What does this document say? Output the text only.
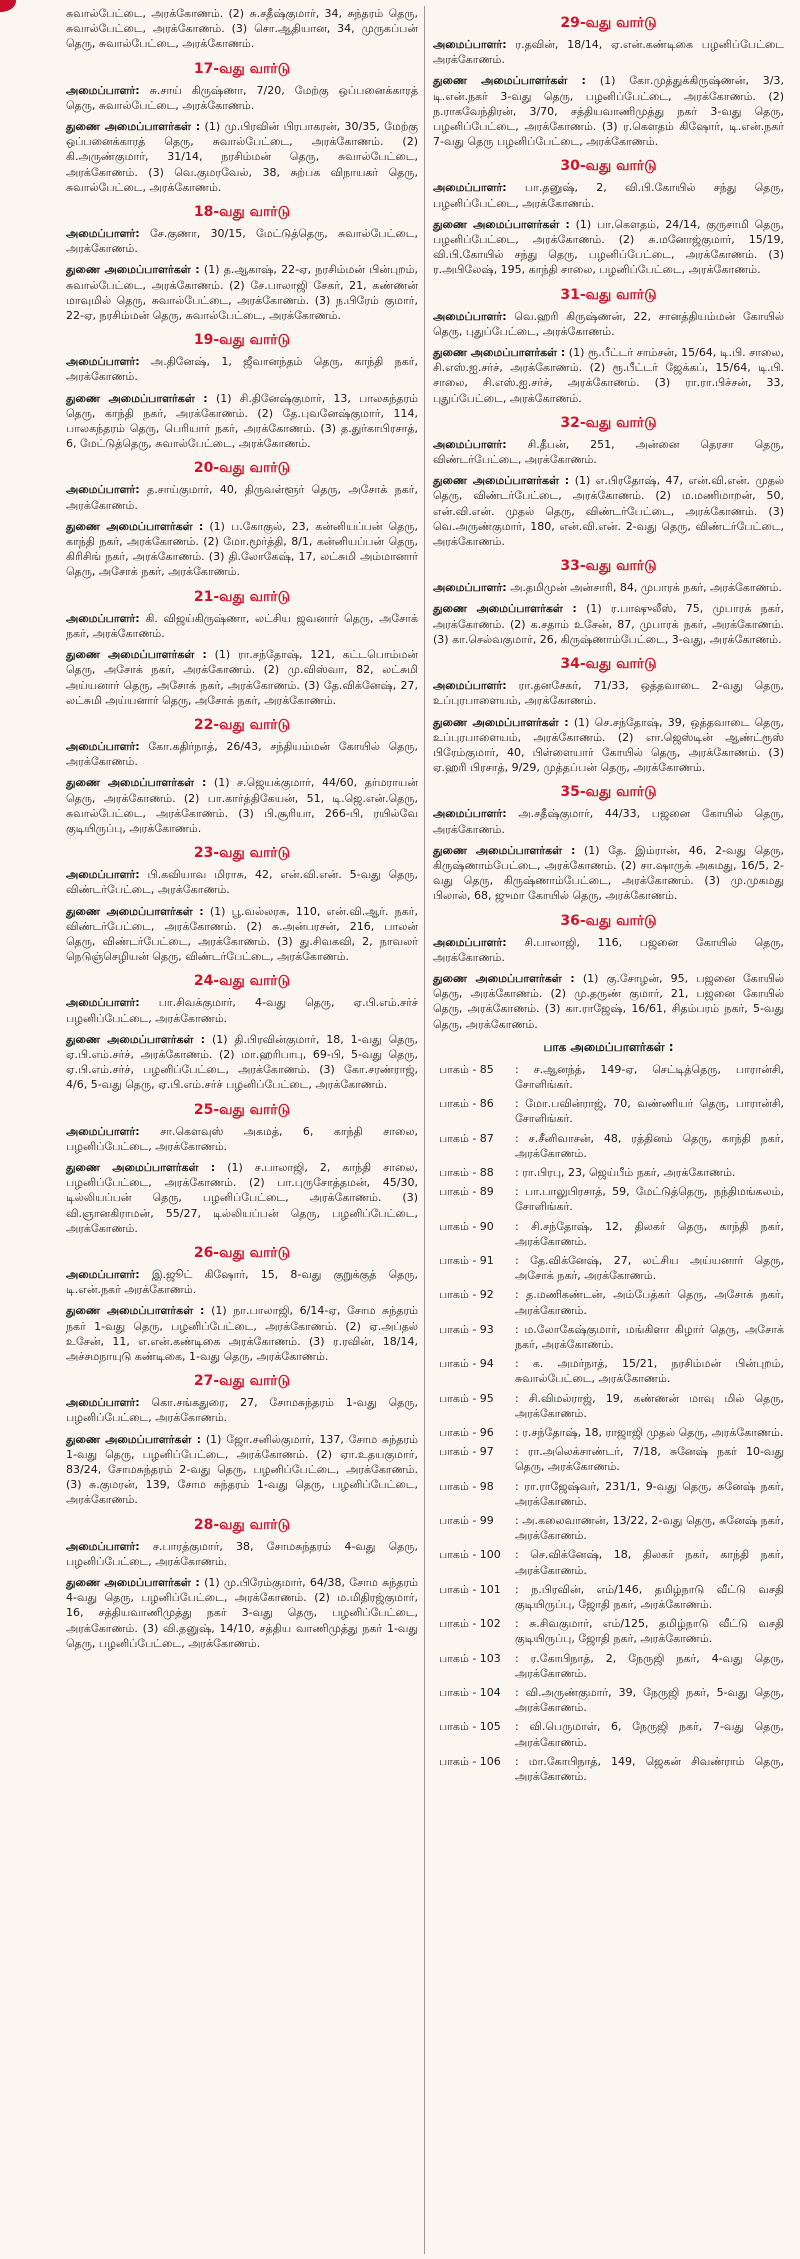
சுவால்பேட்டை, அரக்கோணம். (2) சு.சதீஷ்குமார், 34, சுந்தரம் தெரு, சுவால்பேட்டை, அரக்கோணம். (3) சொ.ஆதியான, 34, முருகப்பன் தெரு, சுவால்பேட்டை, அரக்கோணம்.

17-வது வார்டு

அமைப்பாளர்: சு.சாய் கிருஷ்ணா, 7/20, மேற்கு ஒப்பனைக்காரத் தெரு, சுவால்பேட்டை, அரக்கோணம்.

துணை அமைப்பாளர்கள் : (1) மு.பிரவின் பிரபாகரன், 30/35, மேற்கு ஒப்பனைக்காரத் தெரு, சுவால்பேட்டை, அரக்கோணம். (2) கி.அருண்குமார், 31/14, நரசிம்மன் தெரு, சுவால்பேட்டை, அரக்கோணம். (3) வெ.குமரவேல், 38, சுற்பக விநாயகர் தெரு, சுவால்பேட்டை, அரக்கோணம்.

18-வது வார்டு

அமைப்பாளர்: சே.குணா, 30/15, மேட்டுத்தெரு, சுவால்பேட்டை, அரக்கோணம்.

துணை அமைப்பாளர்கள் : (1) த.ஆகாஷ், 22-ஏ, நரசிம்மன் பின்புறம், சுவால்பேட்டை, அரக்கோணம். (2) சே.பாலாஜி சேகர், 21, கண்ணன் மாவுமில் தெரு, சுவால்பேட்டை, அரக்கோணம். (3) ந.பிரேம் குமார், 22-ஏ, நரசிம்மன் தெரு, சுவால்பேட்டை, அரக்கோணம்.

19-வது வார்டு

அமைப்பாளர்: அ.தினேஷ், 1, ஜீவானந்தம் தெரு, காந்தி நகர், அரக்கோணம்.

துணை அமைப்பாளர்கள் : (1) சி.தினேஷ்குமார், 13, பாலகந்தரம் தெரு, காந்தி நகர், அரக்கோணம். (2) தே.புவனேஷ்குமார், 114, பாலகந்தரம் தெரு, பெரியார் நகர், அரக்கோணம். (3) த.துர்காபிரசாத், 6, மேட்டுத்தெரு, சுவால்பேட்டை, அரக்கோணம்.

20-வது வார்டு

அமைப்பாளர்: த.சாய்குமார், 40, திருவள்ளூர் தெரு, அசோக் நகர், அரக்கோணம்.

துணை அமைப்பாளர்கள் : (1) ப.கோகுல், 23, கன்னியப்பன் தெரு, காந்தி நகர், அரக்கோணம். (2) மோ.மூர்த்தி, 8/1, கன்னியப்பன் தெரு, கிரிசிங் நகர், அரக்கோணம். (3) தி.லோகேஷ், 17, லட்சுமி அம்மானார் தெரு, அசோக் நகர், அரக்கோணம்.

21-வது வார்டு

அமைப்பாளர்: கி. விஜய்கிருஷ்ணா, லட்சிய ஜவனார் தெரு, அசோக் நகர், அரக்கோணம்.

துணை அமைப்பாளர்கள் : (1) ரா.சந்தோஷ், 121, கட்டபொம்மன் தெரு, அசோக் நகர், அரக்கோணம். (2) மு.விஸ்வா, 82, லட்சுமி அய்யனார் தெரு, அசோக் நகர், அரக்கோணம். (3) தே.விக்னேஷ், 27, லட்சுமி அய்யனார் தெரு, அசோக் நகர், அரக்கோணம்.

22-வது வார்டு

அமைப்பாளர்: கோ.கதிர்நாத், 26/43, சந்தியம்மன் கோயில் தெரு, அரக்கோணம்.

துணை அமைப்பாளர்கள் : (1) ச.ஜெயக்குமார், 44/60, தர்மராயன் தெரு, அரக்கோணம். (2) பா.கார்த்திகேயன், 51, டி.ஜெ.என்.தெரு, சுவால்பேட்டை, அரக்கோணம். (3) பி.சூரியா, 266-பி, ரயில்வே குடியிருப்பு, அரக்கோணம்.

23-வது வார்டு

அமைப்பாளர்: பி.கவியாவ மிராசு, 42, என்.வி.என். 5-வது தெரு, விண்டர்பேட்டை, அரக்கோணம்.

துணை அமைப்பாளர்கள் : (1) பூ.வல்லரசு, 110, என்.வி.ஆர். நகர், விண்டர்பேட்டை, அரக்கோணம். (2) சு.அன்பரசன், 216, பாலன் தெரு, விண்டர்பேட்டை, அரக்கோணம். (3) து.சிவகவி, 2, நாவலர் நெடுஞ்செழியன் தெரு, விண்டர்பேட்டை, அரக்கோணம்.

24-வது வார்டு

அமைப்பாளர்: பா.சிவக்குமார், 4-வது தெரு, ஏ.பி.எம்.சர்ச் பழனிப்பேட்டை, அரக்கோணம்.

துணை அமைப்பாளர்கள் : (1) தி.பிரவின்குமார், 18, 1-வது தெரு, ஏ.பி.எம்.சர்ச், அரக்கோணம். (2) மா.ஹரிபாபு, 69-பி, 5-வது தெரு, ஏ.பி.எம்.சர்ச், பழனிப்பேட்டை, அரக்கோணம். (3) கோ.சரண்ராஜ், 4/6, 5-வது தெரு, ஏ.பி.எம்.சர்ச் பழனிப்பேட்டை, அரக்கோணம்.

25-வது வார்டு

அமைப்பாளர்: சா.கௌவுஸ் அகமத், 6, காந்தி சாலை, பழனிப்பேட்டை, அரக்கோணம்.

துணை அமைப்பாளர்கள் : (1) ச.பாலாஜி, 2, காந்தி சாலை, பழனிப்பேட்டை, அரக்கோணம். (2) பா.புருசோத்தமன், 45/30, டில்லியப்பன் தெரு, பழனிப்பேட்டை, அரக்கோணம். (3) வி.ஞானகிராமன், 55/27, டில்லியப்பன் தெரு, பழனிப்பேட்டை, அரக்கோணம்.

26-வது வார்டு

அமைப்பாளர்: இ.ஜூட் கிஷோர், 15, 8-வது குறுக்குத் தெரு, டி.என்.நகர் அரக்கோணம்.

துணை அமைப்பாளர்கள் : (1) நா.பாலாஜி, 6/14-ஏ, சோம சுந்தரம் நகர் 1-வது தெரு, பழனிப்பேட்டை, அரக்கோணம். (2) ஏ.அப்தல் உசேன், 11, எ.என்.கண்டிகை அரக்கோணம். (3) ர.ரவின், 18/14, அச்சமநாயுடு கண்டிகை, 1-வது தெரு, அரக்கோணம்.

27-வது வார்டு

அமைப்பாளர்: கொ.சங்கதுரை, 27, சோமசுந்தரம் 1-வது தெரு, பழனிப்பேட்டை, அரக்கோணம்.

துணை அமைப்பாளர்கள் : (1) ஜோ.சனில்குமார், 137, சோம சுந்தரம் 1-வது தெரு, பழனிப்பேட்டை, அரக்கோணம். (2) ஏா.உதயகுமார், 83/24, சோமசுந்தரம் 2-வது தெரு, பழனிப்பேட்டை, அரக்கோணம். (3) சு.குமரன், 139, சோம சுந்தரம் 1-வது தெரு, பழனிப்பேட்டை, அரக்கோணம்.

28-வது வார்டு

அமைப்பாளர்: ச.பாரத்குமார், 38, சோமசுந்தரம் 4-வது தெரு, பழனிப்பேட்டை, அரக்கோணம்.

துணை அமைப்பாளர்கள் : (1) மு.பிரேம்குமார், 64/38, சோம சுந்தரம் 4-வது தெரு, பழனிப்பேட்டை, அரக்கோணம். (2) ம.மிதிரஜ்குமார், 16, சத்தியவாணிமுத்து நகர் 3-வது தெரு, பழனிப்பேட்டை, அரக்கோணம். (3) வி.தனுஷ், 14/10, சத்திய வாணிமுத்து நகர் 1-வது தெரு, பழனிப்பேட்டை, அரக்கோணம்.

29-வது வார்டு

அமைப்பாளர்: ர.தவின், 18/14, ஏ.என்.கண்டிகை பழனிப்பேட்டை அரக்கோணம்.

துணை அமைப்பாளர்கள் : (1) கோ.முத்துக்கிருஷ்ணன், 3/3, டி.என்.நகர் 3-வது தெரு, பழனிப்பேட்டை, அரக்கோணம். (2) ந.ராகவேந்திரன், 3/70, சத்தியவாணிமுத்து நகர் 3-வது தெரு, பழனிப்பேட்டை, அரக்கோணம். (3) ர.கௌதம் கிஷோர், டி.என்.நகர் 7-வது தெரு பழனிப்பேட்டை, அரக்கோணம்.

30-வது வார்டு

அமைப்பாளர்: பா.தனுஷ், 2, வி.பி.கோயில் சந்து தெரு, பழனிப்பேட்டை, அரக்கோணம்.

துணை அமைப்பாளர்கள் : (1) பா.கௌதம், 24/14, குருசாமி தெரு, பழனிப்பேட்டை, அரக்கோணம். (2) சு.மனோஜ்குமார், 15/19, வி.பி.கோயில் சந்து தெரு, பழனிப்பேட்டை, அரக்கோணம். (3) ர.அபிலேஷ், 195, காந்தி சாலை, பழனிப்பேட்டை, அரக்கோணம்.

31-வது வார்டு

அமைப்பாளர்: வெ.ஹரி கிருஷ்ணன், 22, சானத்தியம்மன் கோயில் தெரு, புதுப்பேட்டை, அரக்கோணம்.

துணை அமைப்பாளர்கள் : (1) ரூ.பீட்டர் சாம்சன், 15/64, டி.பி. சாலை, சி.எஸ்.ஐ.சர்ச், அரக்கோணம். (2) ரூ.பீட்டர் ஜேக்கப், 15/64, டி.பி. சாலை, சி.எஸ்.ஐ.சர்ச், அரக்கோணம். (3) ரா.ரா.பிச்சன், 33, புதுப்பேட்டை, அரக்கோணம்.

32-வது வார்டு

அமைப்பாளர்: சி.தீபன், 251, அன்னை தெரசா தெரு, விண்டர்பேட்டை, அரக்கோணம்.

துணை அமைப்பாளர்கள் : (1) எ.பிரதோஷ், 47, என்.வி.என். முதல் தெரு, விண்டர்பேட்டை, அரக்கோணம். (2) ம.மணிமாறன், 50, என்.வி.என். முதல் தெரு, விண்டர்பேட்டை, அரக்கோணம். (3) வெ.அருண்குமார், 180, என்.வி.என். 2-வது தெரு, விண்டர்பேட்டை, அரக்கோணம்.

33-வது வார்டு

அமைப்பாளர்: அ.தமிமுன் அன்சாரி, 84, முபாரக் நகர், அரக்கோணம்.

துணை அமைப்பாளர்கள் : (1) ர.பாஷுலீஸ், 75, முபாரக் நகர், அரக்கோணம். (2) க.சதாம் உசேன், 87, முபாரக் நகர், அரக்கோணம். (3) கா.செல்வகுமார், 26, கிருஷ்ணாம்பேட்டை, 3-வது, அரக்கோணம்.

34-வது வார்டு

அமைப்பாளர்: ரா.தனசேகர், 71/33, ஒத்தவாடை 2-வது தெரு, உப்புரபாளையம், அரக்கோணம்.

துணை அமைப்பாளர்கள் : (1) செ.சந்தோஷ், 39, ஒத்தவாடை தெரு, உப்புரபாளையம், அரக்கோணம். (2) எா.ஜெஸ்டின் ஆண்ட்ரூஸ் பிரேம்குமார், 40, பிள்ளையார் கோயில் தெரு, அரக்கோணம். (3) ஏ.ஹரி பிரசாத், 9/29, முத்தப்பன் தெரு, அரக்கோணம்.

35-வது வார்டு

அமைப்பாளர்: அ.சதீஷ்குமார், 44/33, பஜனை கோயில் தெரு, அரக்கோணம்.

துணை அமைப்பாளர்கள் : (1) தே. இம்ரான், 46, 2-வது தெரு, கிருஷ்ணாம்பேட்டை, அரக்கோணம். (2) சா.ஷாருக் அகமது, 16/5, 2-வது தெரு, கிருஷ்ணாம்பேட்டை, அரக்கோணம். (3) மு.முகமது பிலால், 68, ஜுமா கோயில் தெரு, அரக்கோணம்.

36-வது வார்டு

அமைப்பாளர்: சி.பாலாஜி, 116, பஜனை கோயில் தெரு, அரக்கோணம்.

துணை அமைப்பாளர்கள் : (1) கு.சோழன், 95, பஜனை கோயில் தெரு, அரக்கோணம். (2) மு.தருண் குமார், 21, பஜனை கோயில் தெரு, அரக்கோணம். (3) கா.ராஜேஷ், 16/61, சிதம்பரம் நகர், 5-வது தெரு, அரக்கோணம்.

பாக அமைப்பாளர்கள் :
பாகம் - 85	: ச.ஆனந்த், 149-ஏ, செட்டித்தெரு, பாரான்சி, சோளிங்கர்.
பாகம் - 86	: மோ.பவின்ராஜ், 70, வண்ணியர் தெரு, பாரான்சி, சோளிங்கர்.
பாகம் - 87	: ச.சீனிவாசன், 48, ரத்தினம் தெரு, காந்தி நகர், அரக்கோணம்.
பாகம் - 88	: ரா.பிரபு, 23, ஜெய்பீம் நகர், அரக்கோணம்.
பாகம் - 89	: பா.பாலுபிரசாத், 59, மேட்டுத்தெரு, நந்திமங்கலம், சோளிங்கர்.
பாகம் - 90	: சி.சந்தோஷ், 12, திலகர் தெரு, காந்தி நகர், அரக்கோணம்.
பாகம் - 91	: தே.விக்னேஷ், 27, லட்சிய அய்யனார் தெரு, அசோக் நகர், அரக்கோணம்.
பாகம் - 92	: த.மணிகண்டன், அம்பேத்கர் தெரு, அசோக் நகர், அரக்கோணம்.
பாகம் - 93	: ம.லோகேஷ்குமார், மங்கிளா கிழார் தெரு, அசோக் நகர், அரக்கோணம்.
பாகம் - 94	: க. அமர்நாத், 15/21, நரசிம்மன் பின்புறம், சுவால்பேட்டை, அரக்கோணம்.
பாகம் - 95	: சி.விமல்ராஜ், 19, கண்ணன் மாவு மில் தெரு, அரக்கோணம்.
பாகம் - 96	: ர.சந்தோஷ், 18, ராஜாஜி முதல் தெரு, அரக்கோணம்.
பாகம் - 97	: ரா.அலெக்சாண்டர், 7/18, சுனேஷ் நகர் 10-வது தெரு, அரக்கோணம்.
பாகம் - 98	: ரா.ராஜேஷ்வர், 231/1, 9-வது தெரு, சுனேஷ் நகர், அரக்கோணம்.
பாகம் - 99	: அ.கலைவாணன், 13/22, 2-வது தெரு, சுனேஷ் நகர், அரக்கோணம்.
பாகம் - 100	: செ.விக்னேஷ், 18, திலகர் நகர், காந்தி நகர், அரக்கோணம்.
பாகம் - 101	: ந.பிரவின், எம்/146, தமிழ்நாடு வீட்டு வசதி குடியிருப்பு, ஜோதி நகர், அரக்கோணம்.
பாகம் - 102	: சு.சிவகுமார், எம்/125, தமிழ்நாடு வீட்டு வசதி குடியிருப்பு, ஜோதி நகர், அரக்கோணம்.
பாகம் - 103	: ர.கோபிநாத், 2, நேருஜி நகர், 4-வது தெரு, அரக்கோணம்.
பாகம் - 104	: வி.அருண்குமார், 39, நேருஜி நகர், 5-வது தெரு, அரக்கோணம்.
பாகம் - 105	: வி.பெருமாள், 6, நேருஜி நகர், 7-வது தெரு, அரக்கோணம்.
பாகம் - 106	: மா.கோபிநாத், 149, ஜெகன் சிவண்ராம் தெரு, அரக்கோணம்.
